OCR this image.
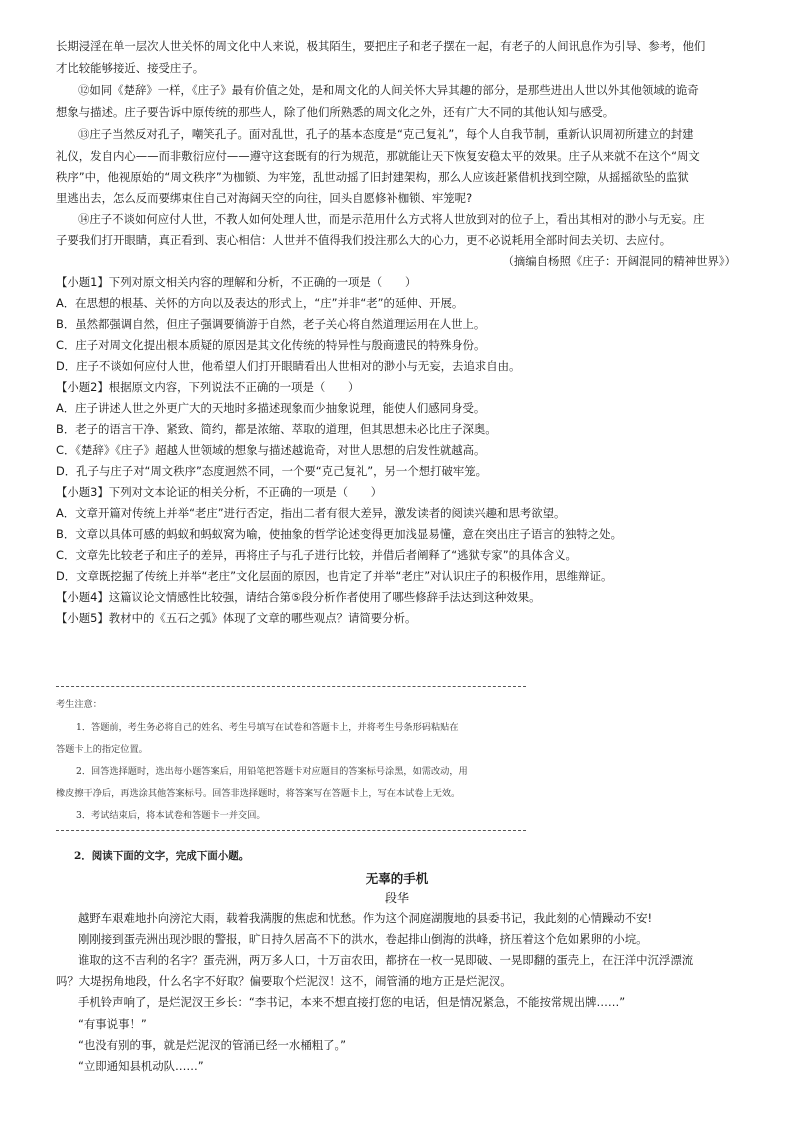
长期浸淫在单一层次人世关怀的周文化中人来说，极其陌生，要把庄子和老子摆在一起，有老子的人间讯息作为引导、参考，他们
才比较能够接近、接受庄子。
⑫如同《楚辞》一样，《庄子》最有价值之处，是和周文化的人间关怀大异其趣的部分，是那些进出人世以外其他领域的诡奇
想象与描述。庄子要告诉中原传统的那些人，除了他们所熟悉的周文化之外，还有广大不同的其他认知与感受。
⑬庄子当然反对孔子，嘲笑孔子。面对乱世，孔子的基本态度是“克己复礼”，每个人自我节制，重新认识周初所建立的封建
礼仪，发自内心——而非敷衍应付——遵守这套既有的行为规范，那就能让天下恢复安稳太平的效果。庄子从来就不在这个“周文
秩序”中，他视原始的“周文秩序”为枷锁、为牢笼，乱世动摇了旧封建架构，那么人应该赶紧借机找到空隙，从摇摇欲坠的监狱
里逃出去，怎么反而要绑束住自己对海阔天空的向往，回头自愿修补枷锁、牢笼呢?
⑭庄子不谈如何应付人世，不教人如何处理人世，而是示范用什么方式将人世放到对的位子上，看出其相对的渺小与无妄。庄
子要我们打开眼睛，真正看到、衷心相信：人世并不值得我们投注那么大的心力，更不必说耗用全部时间去关切、去应付。
（摘编自杨照《庄子：开阔混同的精神世界》）
【小题1】下列对原文相关内容的理解和分析，不正确的一项是（　　）
A．在思想的根基、关怀的方向以及表达的形式上，“庄”并非“老”的延伸、开展。
B．虽然都强调自然，但庄子强调要徜游于自然，老子关心将自然道理运用在人世上。
C．庄子对周文化提出根本质疑的原因是其文化传统的特异性与殷商遗民的特殊身份。
D．庄子不谈如何应付人世，他希望人们打开眼睛看出人世相对的渺小与无妄，去追求自由。
【小题2】根据原文内容，下列说法不正确的一项是（　　）
A．庄子讲述人世之外更广大的天地时多描述现象而少抽象说理，能使人们感同身受。
B．老子的语言干净、紧致、简约，都是浓缩、萃取的道理，但其思想未必比庄子深奥。
C．《楚辞》《庄子》超越人世领域的想象与描述越诡奇，对世人思想的启发性就越高。
D．孔子与庄子对“周文秩序”态度迥然不同，一个要“克己复礼”，另一个想打破牢笼。
【小题3】下列对文本论证的相关分析，不正确的一项是（　　）
A．文章开篇对传统上并举“老庄”进行否定，指出二者有很大差异，激发读者的阅读兴趣和思考欲望。
B．文章以具体可感的蚂蚁和蚂蚁窝为喻，使抽象的哲学论述变得更加浅显易懂，意在突出庄子语言的独特之处。
C．文章先比较老子和庄子的差异，再将庄子与孔子进行比较，并借后者阐释了“逃狱专家”的具体含义。
D．文章既挖掘了传统上并举“老庄”文化层面的原因，也肯定了并举“老庄”对认识庄子的积极作用，思维辩证。
【小题4】这篇议论文情感性比较强，请结合第⑤段分析作者使用了哪些修辞手法达到这种效果。
【小题5】教材中的《五石之弧》体现了文章的哪些观点？请简要分析。
考生注意：
1．答题前，考生务必将自己的姓名、考生号填写在试卷和答题卡上，并将考生号条形码粘贴在
答题卡上的指定位置。
2．回答选择题时，选出每小题答案后，用铅笔把答题卡对应题目的答案标号涂黑，如需改动，用
橡皮擦干净后，再选涂其他答案标号。回答非选择题时，将答案写在答题卡上，写在本试卷上无效。
3．考试结束后，将本试卷和答题卡一并交回。
2．阅读下面的文字，完成下面小题。
无辜的手机
段华
越野车艰难地扑向滂沱大雨，载着我满腹的焦虑和忧愁。作为这个洞庭湖腹地的县委书记，我此刻的心情躁动不安!
刚刚接到蛋壳洲出现沙眼的警报，旷日持久居高不下的洪水，卷起排山倒海的洪峰，挤压着这个危如累卵的小垸。
谁取的这不吉利的名字？蛋壳洲，两万多人口，十万亩农田，都挤在一枚一晃即破、一晃即翻的蛋壳上，在汪洋中沉浮漂流
吗？大堤拐角地段，什么名字不好取？偏要取个烂泥汊！这不，闹管涌的地方正是烂泥汊。
手机铃声响了，是烂泥汊王乡长：“李书记，本来不想直接打您的电话，但是情况紧急，不能按常规出牌……”
“有事说事！”
“也没有别的事，就是烂泥汊的管涌已经一水桶粗了。”
“立即通知县机动队……”
